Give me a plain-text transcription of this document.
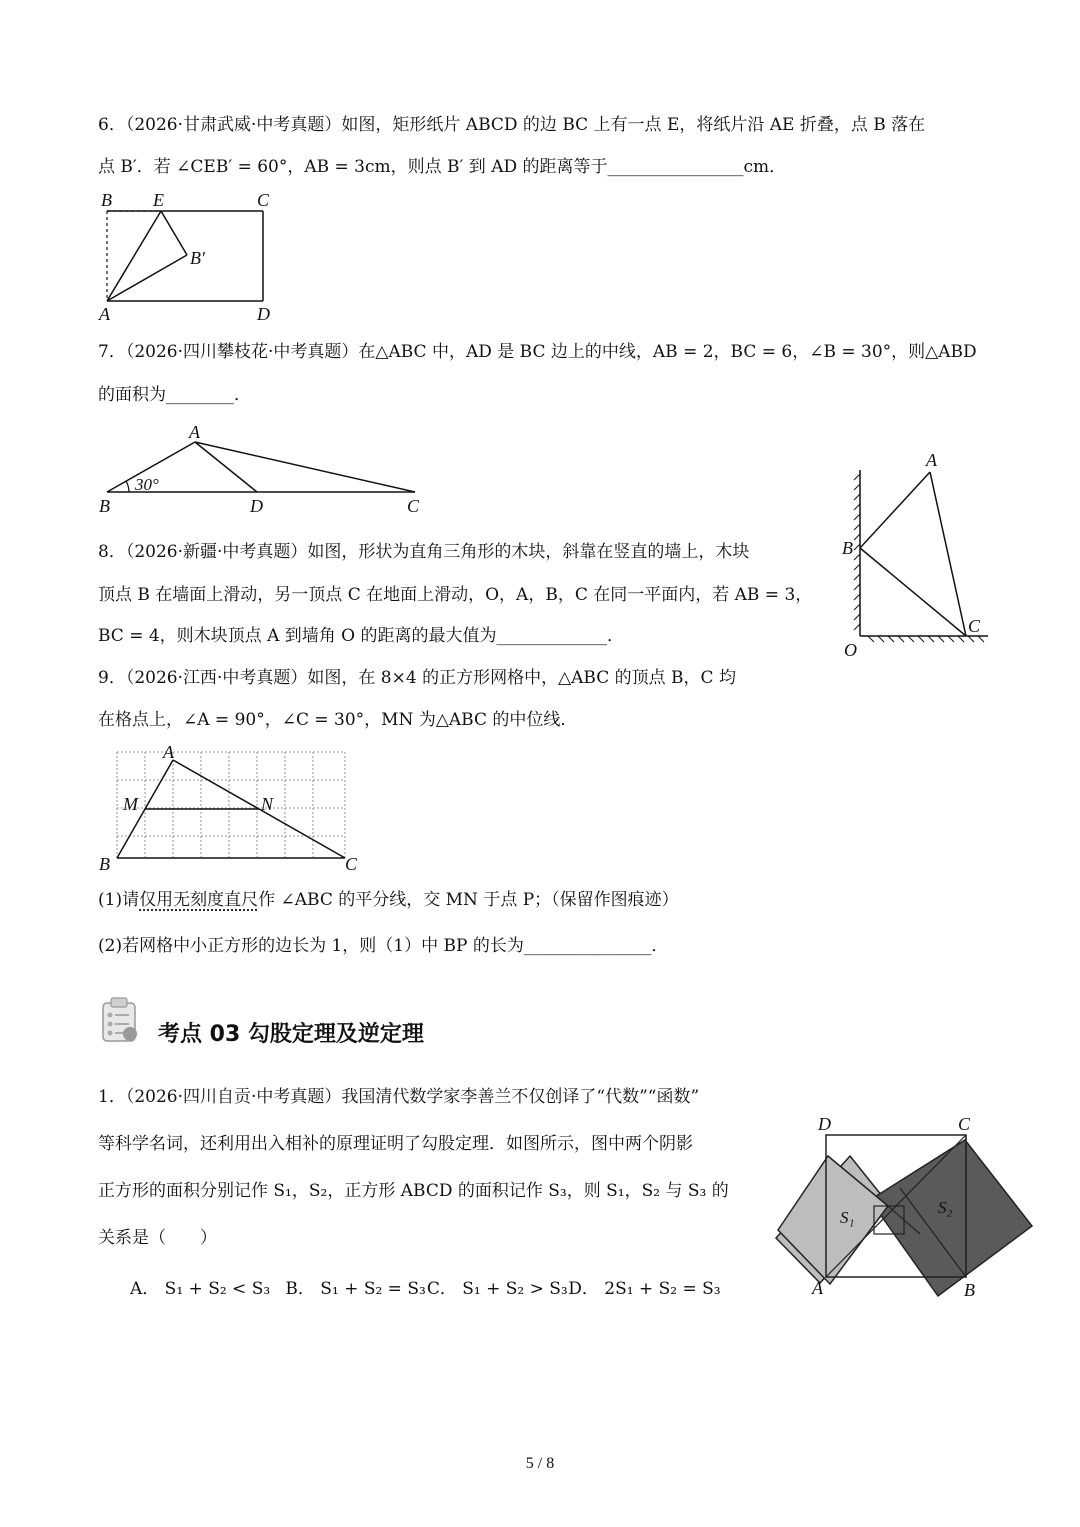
6．（2026·甘肃武威·中考真题）如图，矩形纸片 ABCD 的边 BC 上有一点 E，将纸片沿 AE 折叠，点 B 落在
点 B′．若 ∠CEB′ = 60°，AB = 3cm，则点 B′ 到 AD 的距离等于________________cm．
B E	C
B′
A	D
7．（2026·四川攀枝花·中考真题）在△ABC 中，AD 是 BC 边上的中线，AB = 2，BC = 6，∠B = 30°，则△ABD
的面积为________．
A
30°
B	D	C
8．（2026·新疆·中考真题）如图，形状为直角三角形的木块，斜靠在竖直的墙上，木块
顶点 B 在墙面上滑动，另一顶点 C 在地面上滑动，O，A，B，C 在同一平面内，若 AB = 3，
BC = 4，则木块顶点 A 到墙角 O 的距离的最大值为_____________．
A
B
C
O
9．（2026·江西·中考真题）如图，在 8×4 的正方形网格中，△ABC 的顶点 B，C 均
在格点上，∠A = 90°，∠C = 30°，MN 为△ABC 的中位线．
A
M	N
B	C
(1)请仅用无刻度直尺作 ∠ABC 的平分线，交 MN 于点 P；（保留作图痕迹）
(2)若网格中小正方形的边长为 1，则（1）中 BP 的长为_______________．
考点 03 勾股定理及逆定理
1．（2026·四川自贡·中考真题）我国清代数学家李善兰不仅创译了“代数”“函数”
等科学名词，还利用出入相补的原理证明了勾股定理．如图所示，图中两个阴影
正方形的面积分别记作 S₁，S₂，正方形 ABCD 的面积记作 S₃，则 S₁，S₂ 与 S₃ 的
关系是（　　）
A． S₁ + S₂ < S₃ B． S₁ + S₂ = S₃ C． S₁ + S₂ > S₃ D． 2S₁ + S₂ = S₃
D	C
A	B
S₁
S₂
5 / 8
